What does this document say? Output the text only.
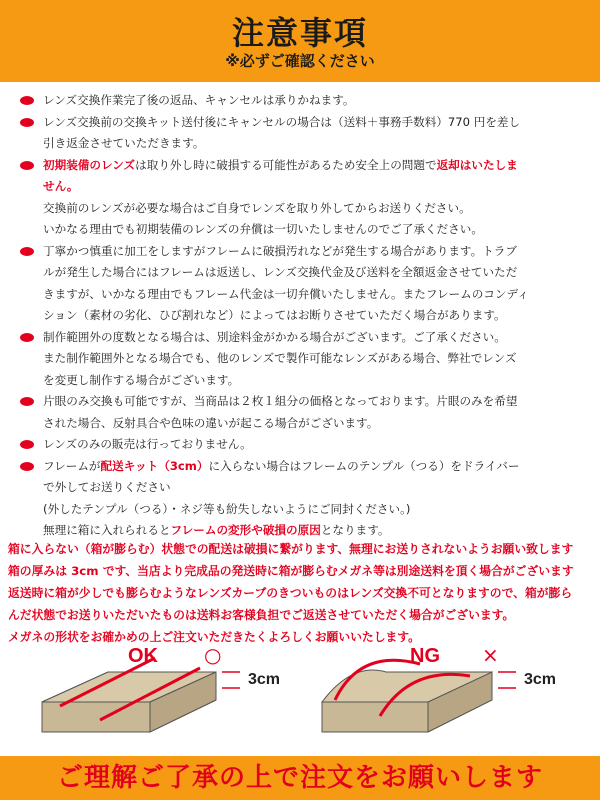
注意事項
※必ずご確認ください
レンズ交換作業完了後の返品、キャンセルは承りかねます。
レンズ交換前の交換キット送付後にキャンセルの場合は（送料＋事務手数料）770 円を差し
引き返金させていただきます。
初期装備のレンズは取り外し時に破損する可能性があるため安全上の問題で返却はいたしま
せん。
交換前のレンズが必要な場合はご自身でレンズを取り外してからお送りください。
いかなる理由でも初期装備のレンズの弁償は一切いたしませんのでご了承ください。
丁寧かつ慎重に加工をしますがフレームに破損汚れなどが発生する場合があります。トラブ
ルが発生した場合にはフレームは返送し、レンズ交換代金及び送料を全額返金させていただ
きますが、いかなる理由でもフレーム代金は一切弁償いたしません。またフレームのコンディ
ション（素材の劣化、ひび割れなど）によってはお断りさせていただく場合があります。
制作範囲外の度数となる場合は、別途料金がかかる場合がございます。ご了承ください。
また制作範囲外となる場合でも、他のレンズで製作可能なレンズがある場合、弊社でレンズ
を変更し制作する場合がございます。
片眼のみ交換も可能ですが、当商品は２枚１組分の価格となっております。片眼のみを希望
された場合、反射具合や色味の違いが起こる場合がございます。
レンズのみの販売は行っておりません。
フレームが配送キット（3cm）に入らない場合はフレームのテンプル（つる）をドライバー
で外してお送りください
(外したテンプル（つる）・ネジ等も紛失しないようにご同封ください。)
無理に箱に入れられるとフレームの変形や破損の原因となります。

箱に入らない（箱が膨らむ）状態での配送は破損に繋がります、無理にお送りされないようお願い致します

箱の厚みは 3cm です、当店より完成品の発送時に箱が膨らむメガネ等は別途送料を頂く場合がございます

返送時に箱が少しでも膨らむようなレンズカーブのきついものはレンズ交換不可となりますので、箱が膨ら

んだ状態でお送りいただいたものは送料お客様負担でご返送させていただく場合がございます。

メガネの形状をお確かめの上ご注文いただきたくよろしくお願いいたします。

OK ○
3cm
NG ×
3cm
ご理解ご了承の上で注文をお願いします
